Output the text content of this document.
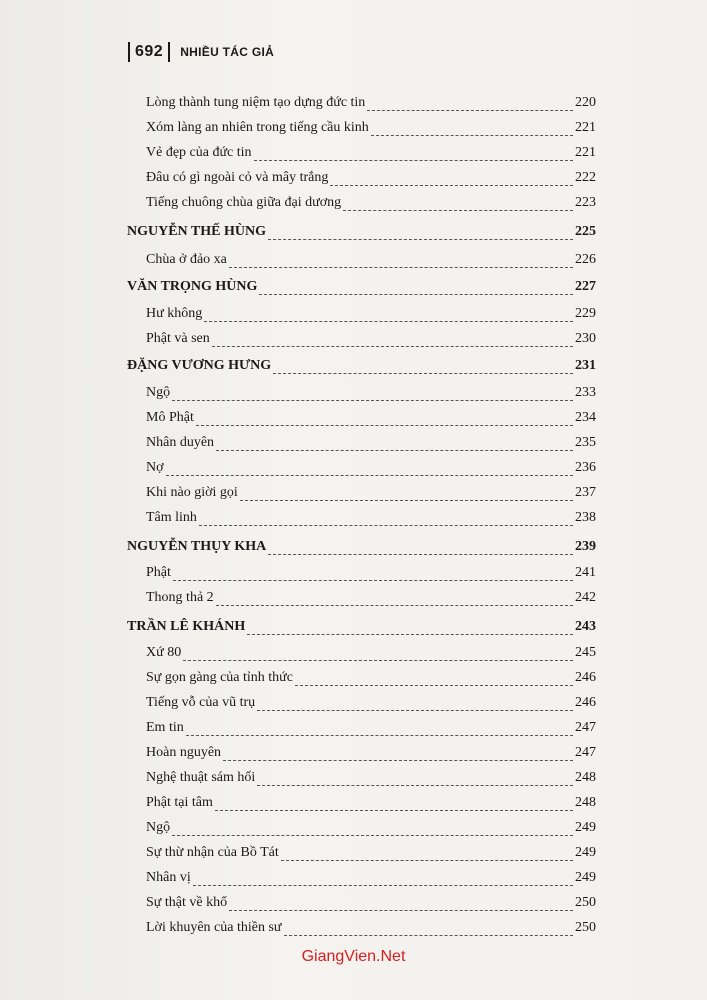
692	NHIỀU TÁC GIẢ
Lòng thành tung niệm tạo dựng đức tin	220
Xóm làng an nhiên trong tiếng cầu kinh	221
Vẻ đẹp của đức tin	221
Đâu có gì ngoài cỏ và mây trắng	222
Tiếng chuông chùa giữa đại dương	223
NGUYỄN THẾ HÙNG	225
Chùa ở đảo xa	226
VĂN TRỌNG HÙNG	227
Hư không	229
Phật và sen	230
ĐẶNG VƯƠNG HƯNG	231
Ngộ	233
Mô Phật	234
Nhân duyên	235
Nợ	236
Khi nào giời gọi	237
Tâm linh	238
NGUYỄN THỤY KHA	239
Phật	241
Thong thả 2	242
TRẦN LÊ KHÁNH	243
Xứ 80	245
Sự gọn gàng của tỉnh thức	246
Tiếng vỗ của vũ trụ	246
Em tin	247
Hoàn nguyên	247
Nghệ thuật sám hối	248
Phật tại tâm	248
Ngộ	249
Sự thừ nhận của Bồ Tát	249
Nhân vị	249
Sự thật về khổ	250
Lời khuyên của thiền sư	250
GiangVien.Net
